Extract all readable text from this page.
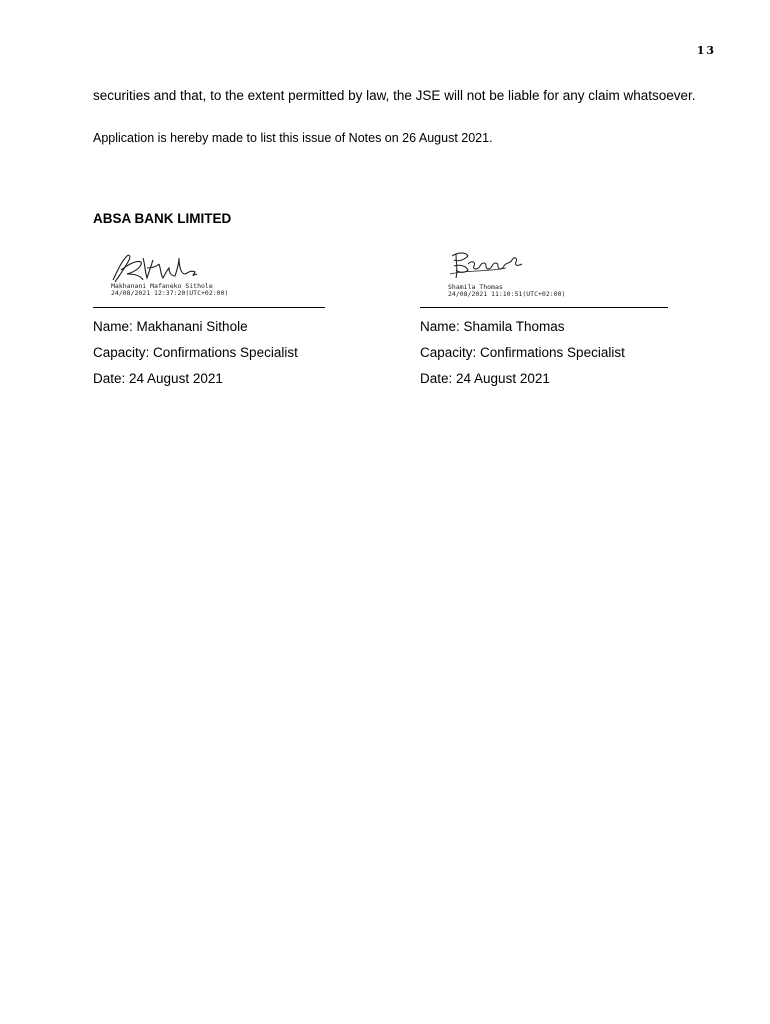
13

securities and that, to the extent permitted by law, the JSE will not be liable for any claim whatsoever.

Application is hereby made to list this issue of Notes on 26 August 2021.

ABSA BANK LIMITED

Makhanani Mafaneko Sithole
24/08/2021 12:37:20(UTC+02:00)

Name: Makhanani Sithole

Capacity: Confirmations Specialist

Date: 24 August 2021

Shamila Thomas
24/08/2021 11:10:51(UTC+02:00)

Name: Shamila Thomas

Capacity: Confirmations Specialist

Date: 24 August 2021
